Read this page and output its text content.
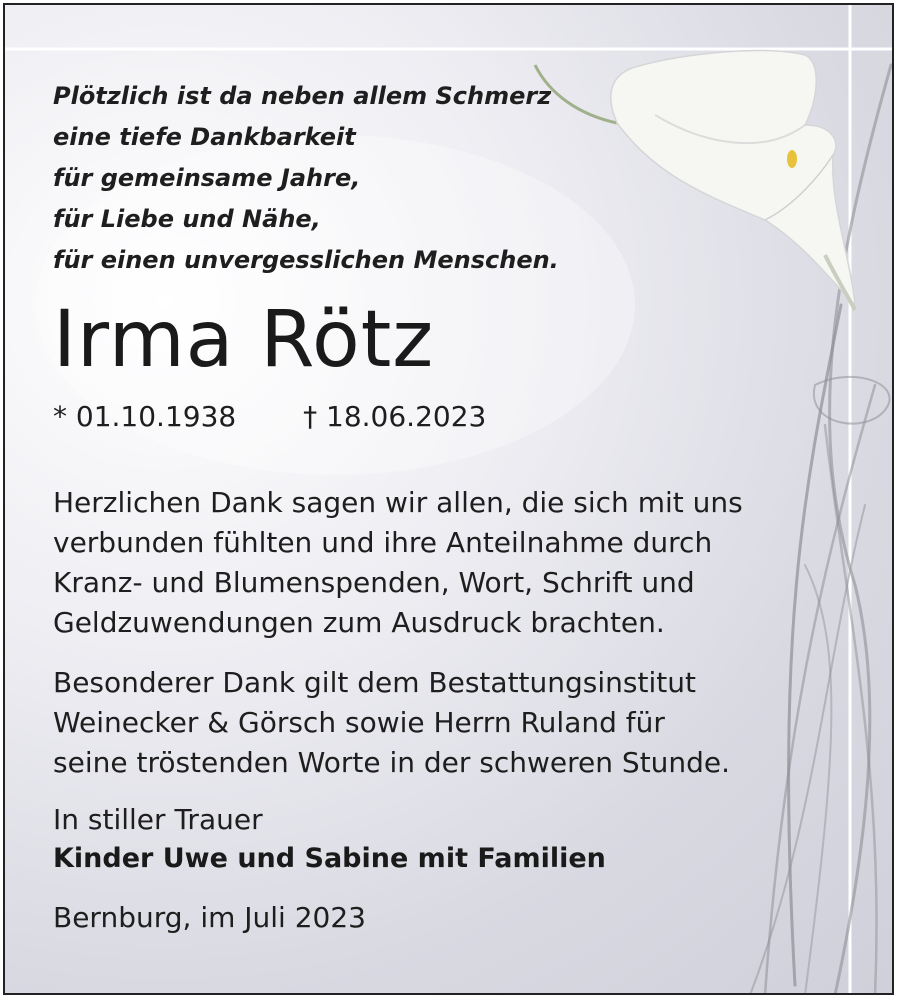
Plötzlich ist da neben allem Schmerz
eine tiefe Dankbarkeit
für gemeinsame Jahre,
für Liebe und Nähe,
für einen unvergesslichen Menschen.
Irma Rötz
* 01.10.1938 † 18.06.2023
Herzlichen Dank sagen wir allen, die sich mit uns
verbunden fühlten und ihre Anteilnahme durch
Kranz- und Blumenspenden, Wort, Schrift und
Geldzuwendungen zum Ausdruck brachten.
Besonderer Dank gilt dem Bestattungsinstitut
Weinecker & Görsch sowie Herrn Ruland für
seine tröstenden Worte in der schweren Stunde.
In stiller Trauer
Kinder Uwe und Sabine mit Familien
Bernburg, im Juli 2023
